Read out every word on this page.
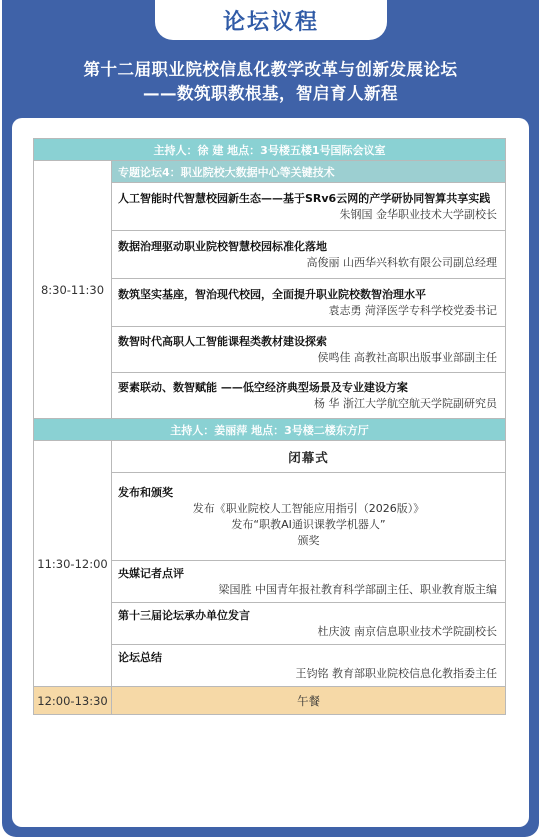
论坛议程
第十二届职业院校信息化教学改革与创新发展论坛
——数筑职教根基，智启育人新程
主持人：徐 建 地点：3号楼五楼1号国际会议室	
8:30-11:30	专题论坛4：职业院校大数据中心等关键技术

	人工智能时代智慧校园新生态——基于SRv6云网的产学研协同智算共享实践
朱钢国 金华职业技术大学副校长

	数据治理驱动职业院校智慧校园标准化落地
高俊丽 山西华兴科软有限公司副总经理

	数筑坚实基座，智治现代校园，全面提升职业院校数智治理水平
袁志勇 菏泽医学专科学校党委书记

	数智时代高职人工智能课程类教材建设探索
侯鸣佳 高教社高职出版事业部副主任

	要素联动、数智赋能 ——低空经济典型场景及专业建设方案
杨 华 浙江大学航空航天学院副研究员

主持人：姜丽萍 地点：3号楼二楼东方厅	
11:30-12:00	闭幕式

	发布和颁奖
发布《职业院校人工智能应用指引（2026版）》
发布“职教AI通识课教学机器人”
颁奖

	央媒记者点评
梁国胜 中国青年报社教育科学部副主任、职业教育版主编

	第十三届论坛承办单位发言
杜庆波 南京信息职业技术学院副校长

	论坛总结
王钧铭 教育部职业院校信息化教指委主任

12:00-13:30	午餐
